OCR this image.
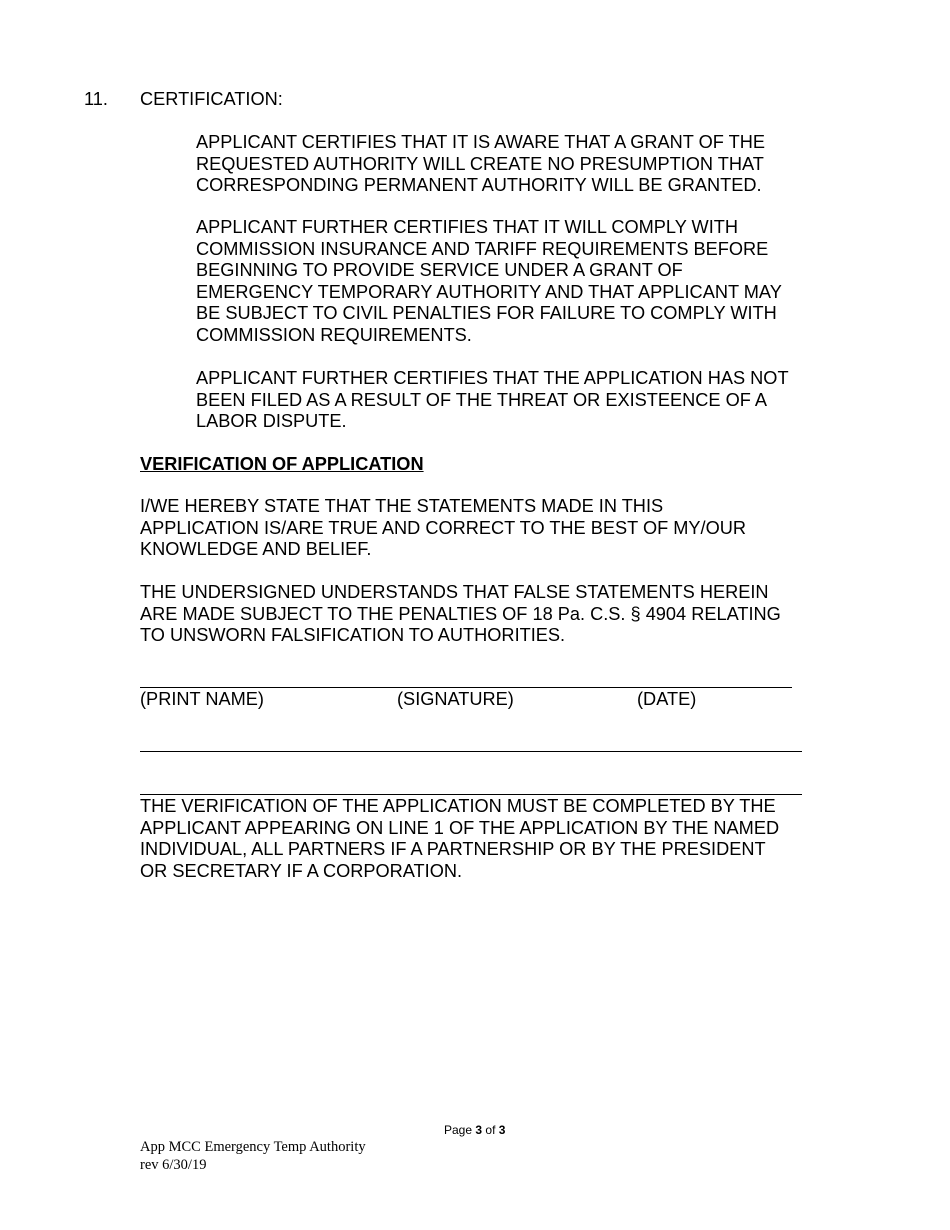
11. CERTIFICATION:
APPLICANT CERTIFIES THAT IT IS AWARE THAT A GRANT OF THE
REQUESTED AUTHORITY WILL CREATE NO PRESUMPTION THAT
CORRESPONDING PERMANENT AUTHORITY WILL BE GRANTED.
APPLICANT FURTHER CERTIFIES THAT IT WILL COMPLY WITH
COMMISSION INSURANCE AND TARIFF REQUIREMENTS BEFORE
BEGINNING TO PROVIDE SERVICE UNDER A GRANT OF
EMERGENCY TEMPORARY AUTHORITY AND THAT APPLICANT MAY
BE SUBJECT TO CIVIL PENALTIES FOR FAILURE TO COMPLY WITH
COMMISSION REQUIREMENTS.
APPLICANT FURTHER CERTIFIES THAT THE APPLICATION HAS NOT
BEEN FILED AS A RESULT OF THE THREAT OR EXISTEENCE OF A
LABOR DISPUTE.
VERIFICATION OF APPLICATION
I/WE HEREBY STATE THAT THE STATEMENTS MADE IN THIS
APPLICATION IS/ARE TRUE AND CORRECT TO THE BEST OF MY/OUR
KNOWLEDGE AND BELIEF.
THE UNDERSIGNED UNDERSTANDS THAT FALSE STATEMENTS HEREIN
ARE MADE SUBJECT TO THE PENALTIES OF 18 Pa. C.S. § 4904 RELATING
TO UNSWORN FALSIFICATION TO AUTHORITIES.
(PRINT NAME)	(SIGNATURE)	(DATE)
THE VERIFICATION OF THE APPLICATION MUST BE COMPLETED BY THE
APPLICANT APPEARING ON LINE 1 OF THE APPLICATION BY THE NAMED
INDIVIDUAL, ALL PARTNERS IF A PARTNERSHIP OR BY THE PRESIDENT
OR SECRETARY IF A CORPORATION.
Page 3 of 3
App MCC Emergency Temp Authority
rev 6/30/19
